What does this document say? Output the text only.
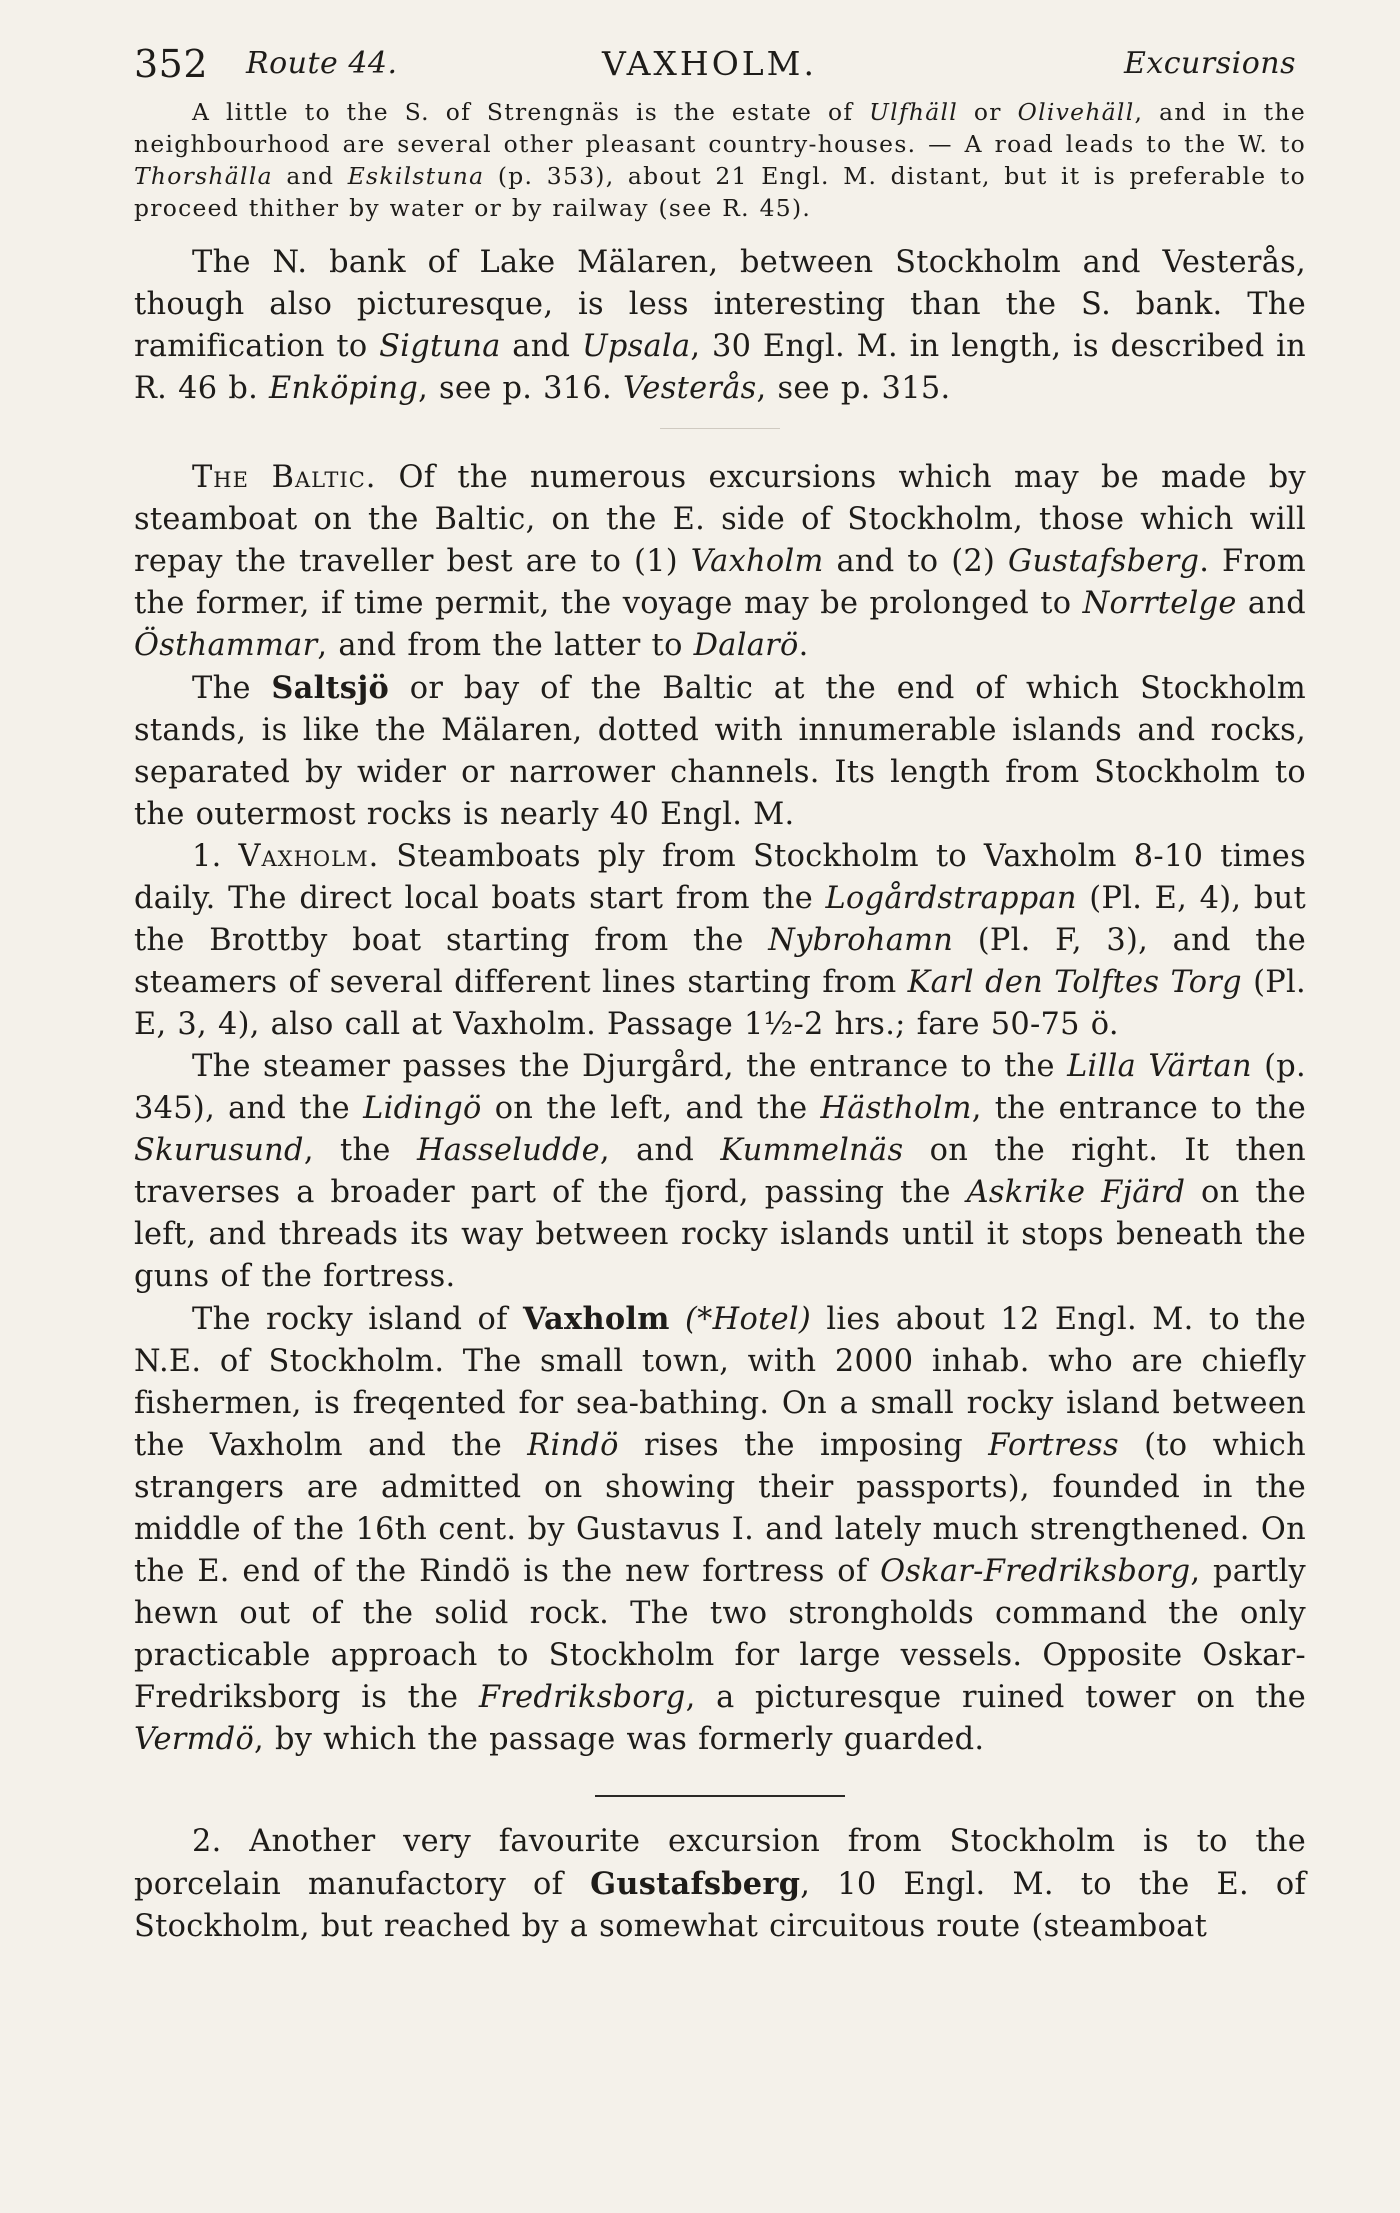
352 Route 44.	VAXHOLM.	Excursions

A little to the S. of Strengnäs is the estate of Ulfhäll or Olivehäll, and in the neighbourhood are several other pleasant country-houses. — A road leads to the W. to Thorshälla and Eskilstuna (p. 353), about 21 Engl. M. distant, but it is preferable to proceed thither by water or by railway (see R. 45).

The N. bank of Lake Mälaren, between Stockholm and Vesterås, though also picturesque, is less interesting than the S. bank. The ramification to Sigtuna and Upsala, 30 Engl. M. in length, is described in R. 46 b. Enköping, see p. 316. Vesterås, see p. 315.

The Baltic. Of the numerous excursions which may be made by steamboat on the Baltic, on the E. side of Stockholm, those which will repay the traveller best are to (1) Vaxholm and to (2) Gustafsberg. From the former, if time permit, the voyage may be prolonged to Norrtelge and Östhammar, and from the latter to Dalarö.

The Saltsjö or bay of the Baltic at the end of which Stockholm stands, is like the Mälaren, dotted with innumerable islands and rocks, separated by wider or narrower channels. Its length from Stockholm to the outermost rocks is nearly 40 Engl. M.

1. Vaxholm. Steamboats ply from Stockholm to Vaxholm 8-10 times daily. The direct local boats start from the Logårdstrappan (Pl. E, 4), but the Brottby boat starting from the Nybrohamn (Pl. F, 3), and the steamers of several different lines starting from Karl den Tolftes Torg (Pl. E, 3, 4), also call at Vaxholm. Passage 1½-2 hrs.; fare 50-75 ö.

The steamer passes the Djurgård, the entrance to the Lilla Värtan (p. 345), and the Lidingö on the left, and the Hästholm, the entrance to the Skurusund, the Hasseludde, and Kummelnäs on the right. It then traverses a broader part of the fjord, passing the Askrike Fjärd on the left, and threads its way between rocky islands until it stops beneath the guns of the fortress.

The rocky island of Vaxholm (*Hotel) lies about 12 Engl. M. to the N.E. of Stockholm. The small town, with 2000 inhab. who are chiefly fishermen, is freqented for sea-bathing. On a small rocky island between the Vaxholm and the Rindö rises the imposing Fortress (to which strangers are admitted on showing their passports), founded in the middle of the 16th cent. by Gustavus I. and lately much strengthened. On the E. end of the Rindö is the new fortress of Oskar-Fredriksborg, partly hewn out of the solid rock. The two strongholds command the only practicable approach to Stockholm for large vessels. Opposite Oskar-Fredriksborg is the Fredriksborg, a picturesque ruined tower on the Vermdö, by which the passage was formerly guarded.

2. Another very favourite excursion from Stockholm is to the porcelain manufactory of Gustafsberg, 10 Engl. M. to the E. of Stockholm, but reached by a somewhat circuitous route (steamboat
